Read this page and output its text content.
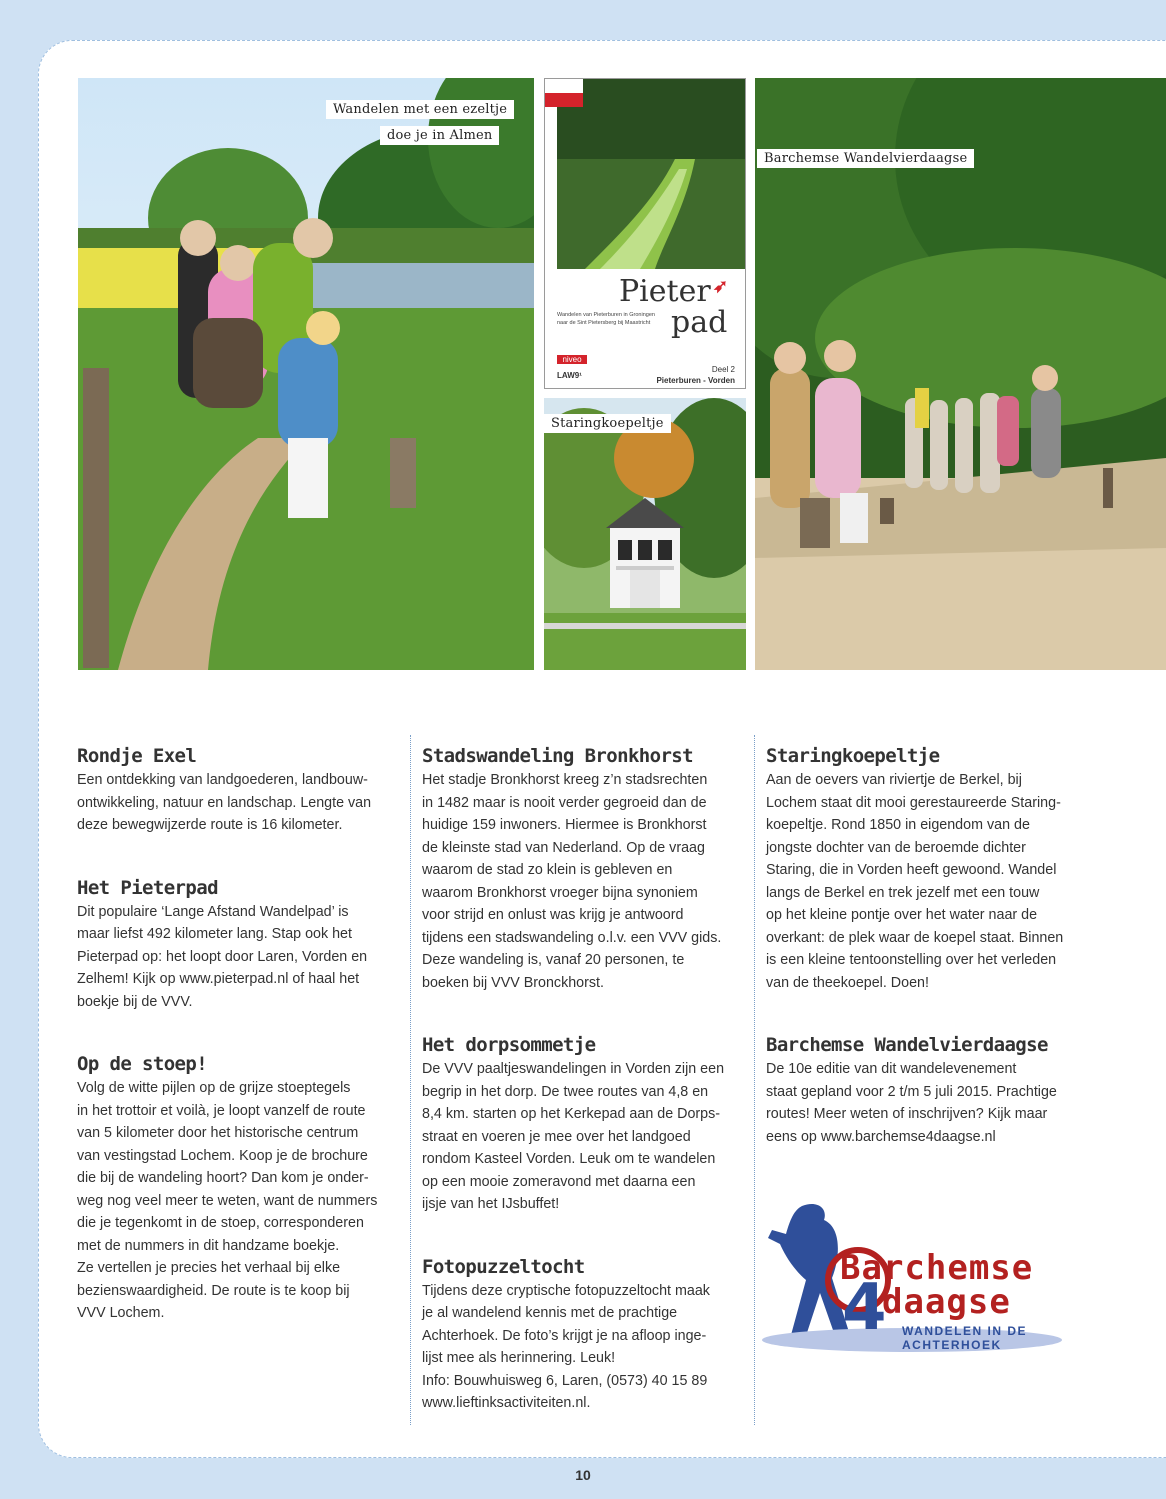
Wandelen met een ezeltje
doe je in Almen
Pieter ➶
pad
Wandelen van Pieterburen in Groningen
naar de Sint Pietersberg bij Maastricht
niveo
LAW9¹
Deel 2
Pieterburen - Vorden
Staringkoepeltje
Barchemse Wandelvierdaagse
Rondje Exel

Een ontdekking van landgoederen, landbouw-
ontwikkeling, natuur en landschap. Lengte van
deze bewegwijzerde route is 16 kilometer.

Het Pieterpad

Dit populaire ‘Lange Afstand Wandelpad’ is
maar liefst 492 kilometer lang. Stap ook het
Pieterpad op: het loopt door Laren, Vorden en
Zelhem! Kijk op www.pieterpad.nl of haal het
boekje bij de VVV.

Op de stoep!

Volg de witte pijlen op de grijze stoeptegels
in het trottoir et voilà, je loopt vanzelf de route
van 5 kilometer door het historische centrum
van vestingstad Lochem. Koop je de brochure
die bij de wandeling hoort? Dan kom je onder-
weg nog veel meer te weten, want de nummers
die je tegenkomt in de stoep, corresponderen
met de nummers in dit handzame boekje.
Ze vertellen je precies het verhaal bij elke
bezienswaardigheid. De route is te koop bij
VVV Lochem.

Stadswandeling Bronkhorst

Het stadje Bronkhorst kreeg z’n stadsrechten
in 1482 maar is nooit verder gegroeid dan de
huidige 159 inwoners. Hiermee is Bronkhorst
de kleinste stad van Nederland. Op de vraag
waarom de stad zo klein is gebleven en
waarom Bronkhorst vroeger bijna synoniem
voor strijd en onlust was krijg je antwoord
tijdens een stadswandeling o.l.v. een VVV gids.
Deze wandeling is, vanaf 20 personen, te
boeken bij VVV Bronckhorst.

Het dorpsommetje

De VVV paaltjeswandelingen in Vorden zijn een
begrip in het dorp. De twee routes van 4,8 en
8,4 km. starten op het Kerkepad aan de Dorps-
straat en voeren je mee over het landgoed
rondom Kasteel Vorden. Leuk om te wandelen
op een mooie zomeravond met daarna een
ijsje van het IJsbuffet!

Fotopuzzeltocht

Tijdens deze cryptische fotopuzzeltocht maak
je al wandelend kennis met de prachtige
Achterhoek. De foto’s krijgt je na afloop inge-
lijst mee als herinnering. Leuk!
Info: Bouwhuisweg 6, Laren, (0573) 40 15 89
www.lieftinksactiviteiten.nl.

Staringkoepeltje

Aan de oevers van riviertje de Berkel, bij
Lochem staat dit mooi gerestaureerde Staring-
koepeltje. Rond 1850 in eigendom van de
jongste dochter van de beroemde dichter
Staring, die in Vorden heeft gewoond. Wandel
langs de Berkel en trek jezelf met een touw
op het kleine pontje over het water naar de
overkant: de plek waar de koepel staat. Binnen
is een kleine tentoonstelling over het verleden
van de theekoepel. Doen!

Barchemse Wandelvierdaagse

De 10e editie van dit wandelevenement
staat gepland voor 2 t/m 5 juli 2015. Prachtige
routes! Meer weten of inschrijven? Kijk maar
eens op www.barchemse4daagse.nl

Barchemse
4
daagse
WANDELEN IN DE ACHTERHOEK
10
